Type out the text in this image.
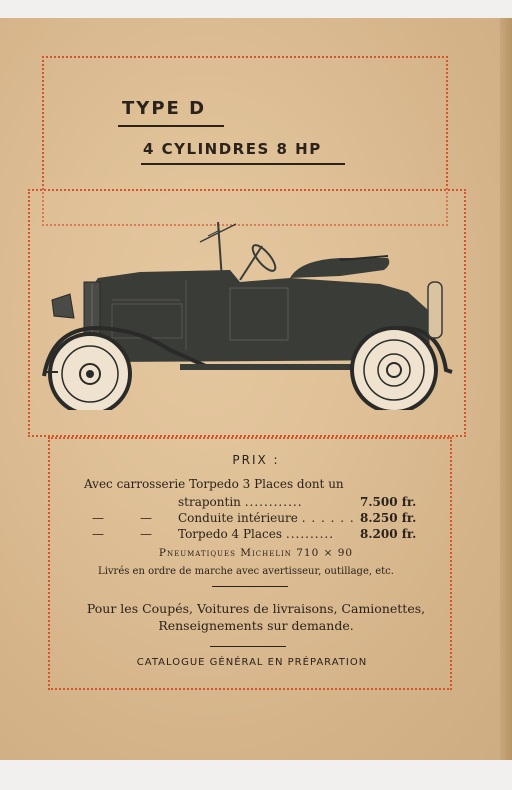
TYPE D
4 CYLINDRES 8 HP
PRIX :
Avec carrosserie Torpedo 3 Places dont un
strapontin ............	7.500 fr.
—	— Conduite intérieure . . . . . . 8.250 fr.
—	— Torpedo 4 Places .......... 8.200 fr.
Pneumatiques Michelin 710 × 90
Livrés en ordre de marche avec avertisseur, outillage, etc.
Pour les Coupés, Voitures de livraisons, Camionettes,
Renseignements sur demande.
CATALOGUE GÉNÉRAL EN PRÉPARATION
